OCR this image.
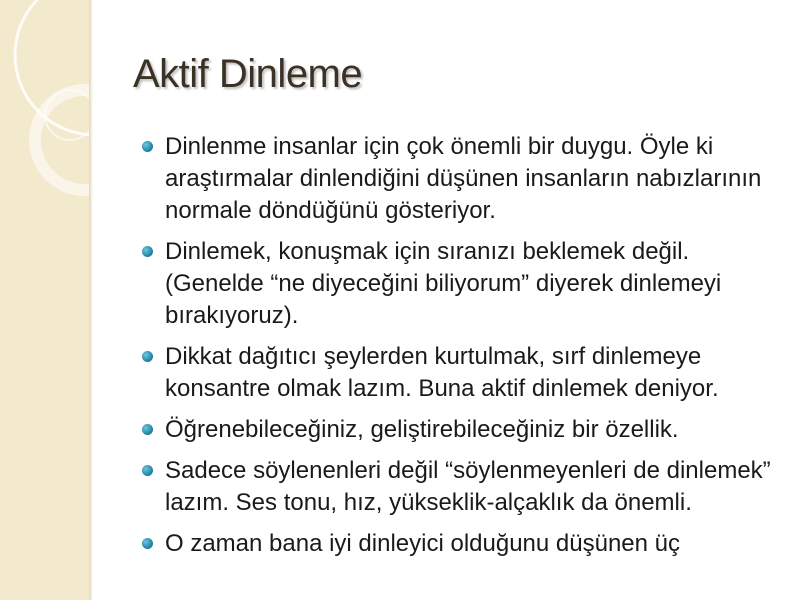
Aktif Dinleme
Dinlenme insanlar için çok önemli bir duygu. Öyle ki araştırmalar dinlendiğini düşünen insanların nabızlarının normale döndüğünü gösteriyor.
Dinlemek, konuşmak için sıranızı beklemek değil. (Genelde “ne diyeceğini biliyorum” diyerek dinlemeyi bırakıyoruz).
Dikkat dağıtıcı şeylerden kurtulmak, sırf dinlemeye konsantre olmak lazım. Buna aktif dinlemek deniyor.
Öğrenebileceğiniz, geliştirebileceğiniz bir özellik.
Sadece söylenenleri değil “söylenmeyenleri de dinlemek” lazım. Ses tonu, hız, yükseklik-alçaklık da önemli.
O zaman bana iyi dinleyici olduğunu düşünen üç
